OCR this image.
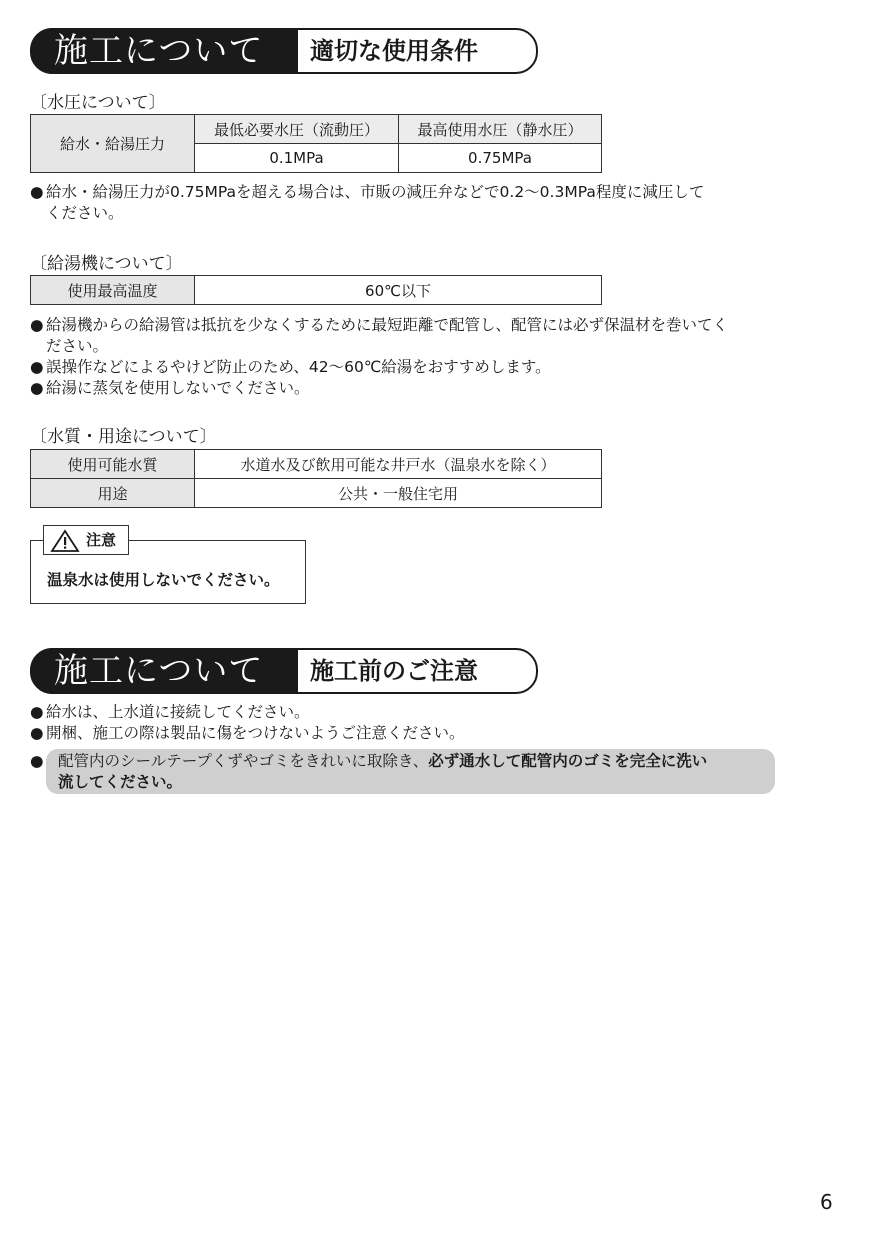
施工について	適切な使用条件
〔水圧について〕
給水・給湯圧力	最低必要水圧（流動圧）	最高使用水圧（静水圧）
	0.1MPa	0.75MPa
● 給水・給湯圧力が0.75MPaを超える場合は、市販の減圧弁などで0.2～0.3MPa程度に減圧して
ください。
〔給湯機について〕
使用最高温度	60℃以下
● 給湯機からの給湯管は抵抗を少なくするために最短距離で配管し、配管には必ず保温材を巻いてく
ださい。
● 誤操作などによるやけど防止のため、42～60℃給湯をおすすめします。
● 給湯に蒸気を使用しないでください。
〔水質・用途について〕
使用可能水質	水道水及び飲用可能な井戸水（温泉水を除く）
用途	公共・一般住宅用
注意
温泉水は使用しないでください。
施工について	施工前のご注意
● 給水は、上水道に接続してください。
● 開梱、施工の際は製品に傷をつけないようご注意ください。
● 配管内のシールテープくずやゴミをきれいに取除き、必ず通水して配管内のゴミを完全に洗い
流してください。
6
